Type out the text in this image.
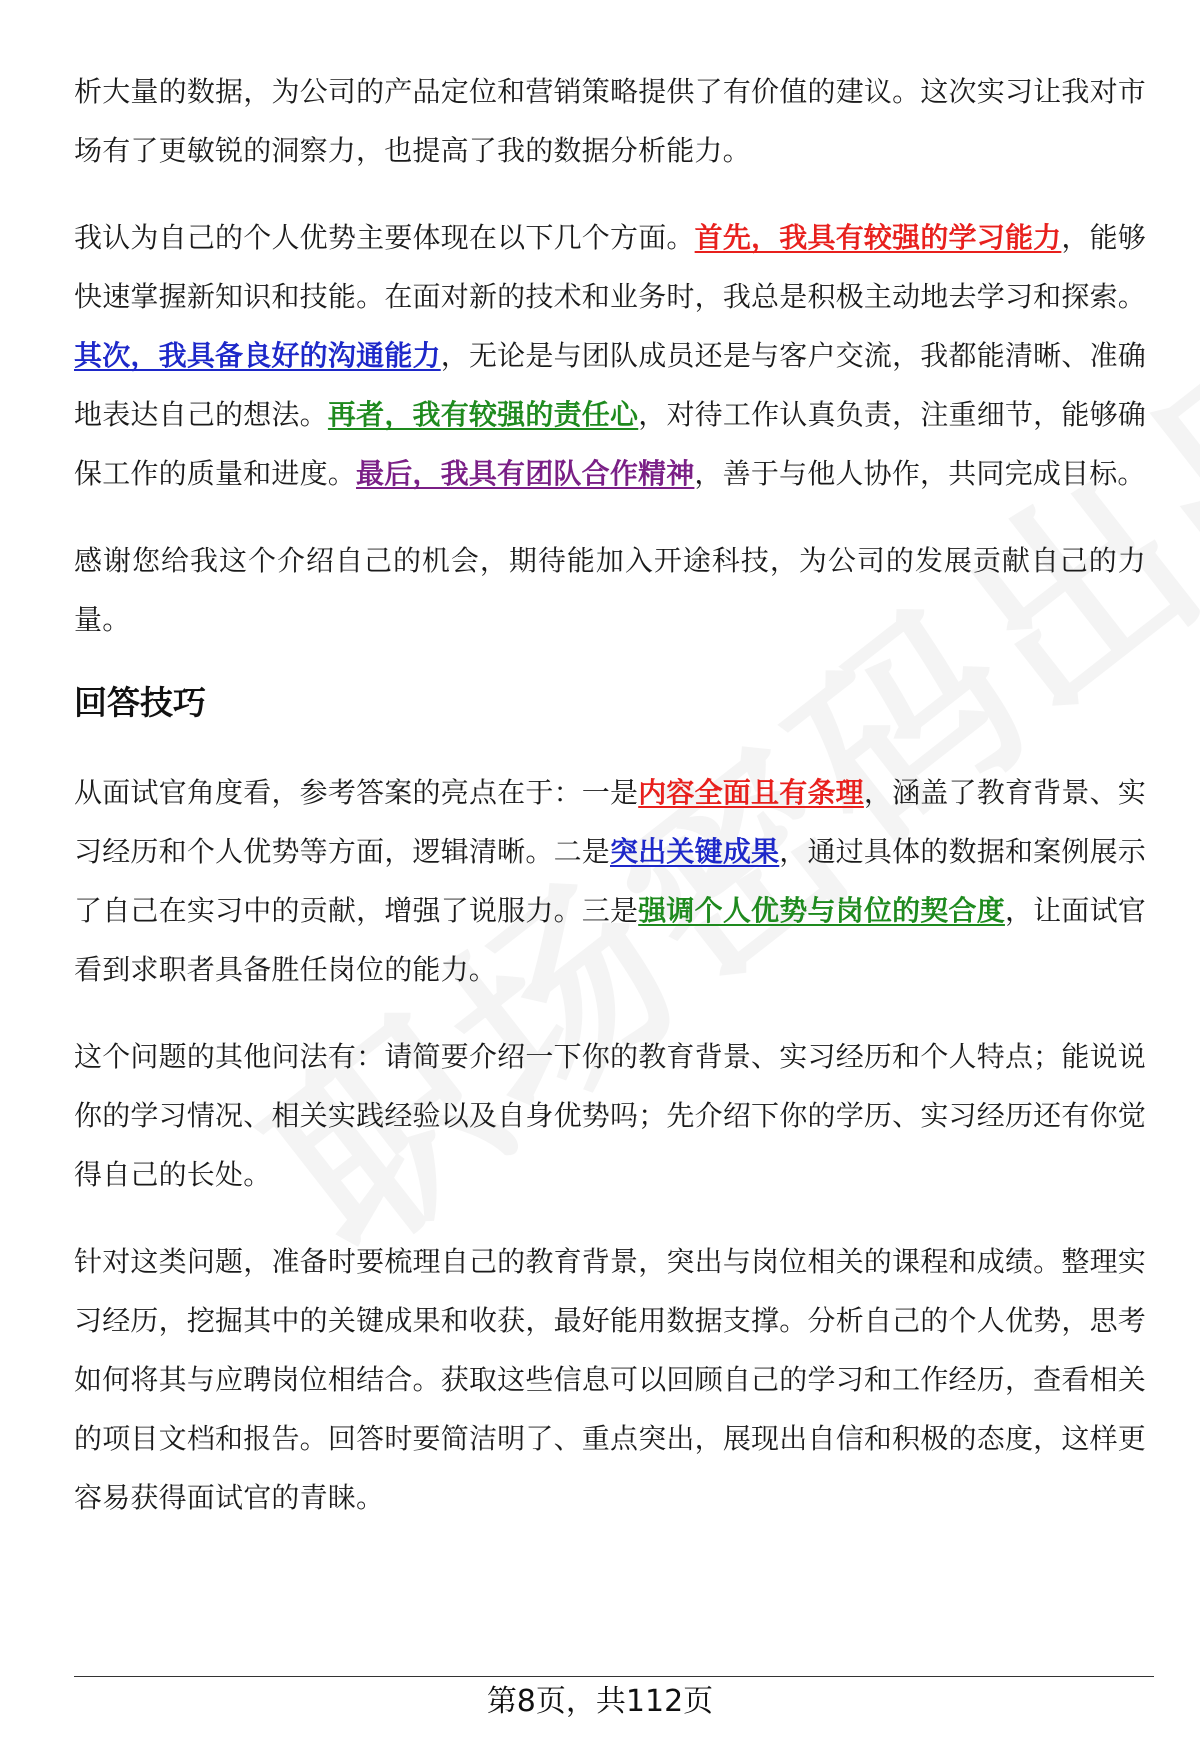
析大量的数据，为公司的产品定位和营销策略提供了有价值的建议。这次实习让我对市场有了更敏锐的洞察力，也提高了我的数据分析能力。

我认为自己的个人优势主要体现在以下几个方面。首先，我具有较强的学习能力，能够快速掌握新知识和技能。在面对新的技术和业务时，我总是积极主动地去学习和探索。其次，我具备良好的沟通能力，无论是与团队成员还是与客户交流，我都能清晰、准确地表达自己的想法。再者，我有较强的责任心，对待工作认真负责，注重细节，能够确保工作的质量和进度。最后，我具有团队合作精神，善于与他人协作，共同完成目标。

感谢您给我这个介绍自己的机会，期待能加入开途科技，为公司的发展贡献自己的力量。

回答技巧

从面试官角度看，参考答案的亮点在于：一是内容全面且有条理，涵盖了教育背景、实习经历和个人优势等方面，逻辑清晰。二是突出关键成果，通过具体的数据和案例展示了自己在实习中的贡献，增强了说服力。三是强调个人优势与岗位的契合度，让面试官看到求职者具备胜任岗位的能力。

这个问题的其他问法有：请简要介绍一下你的教育背景、实习经历和个人特点；能说说你的学习情况、相关实践经验以及自身优势吗；先介绍下你的学历、实习经历还有你觉得自己的长处。

针对这类问题，准备时要梳理自己的教育背景，突出与岗位相关的课程和成绩。整理实习经历，挖掘其中的关键成果和收获，最好能用数据支撑。分析自己的个人优势，思考如何将其与应聘岗位相结合。获取这些信息可以回顾自己的学习和工作经历，查看相关的项目文档和报告。回答时要简洁明了、重点突出，展现出自信和积极的态度，这样更容易获得面试官的青睐。

第8页，共112页
